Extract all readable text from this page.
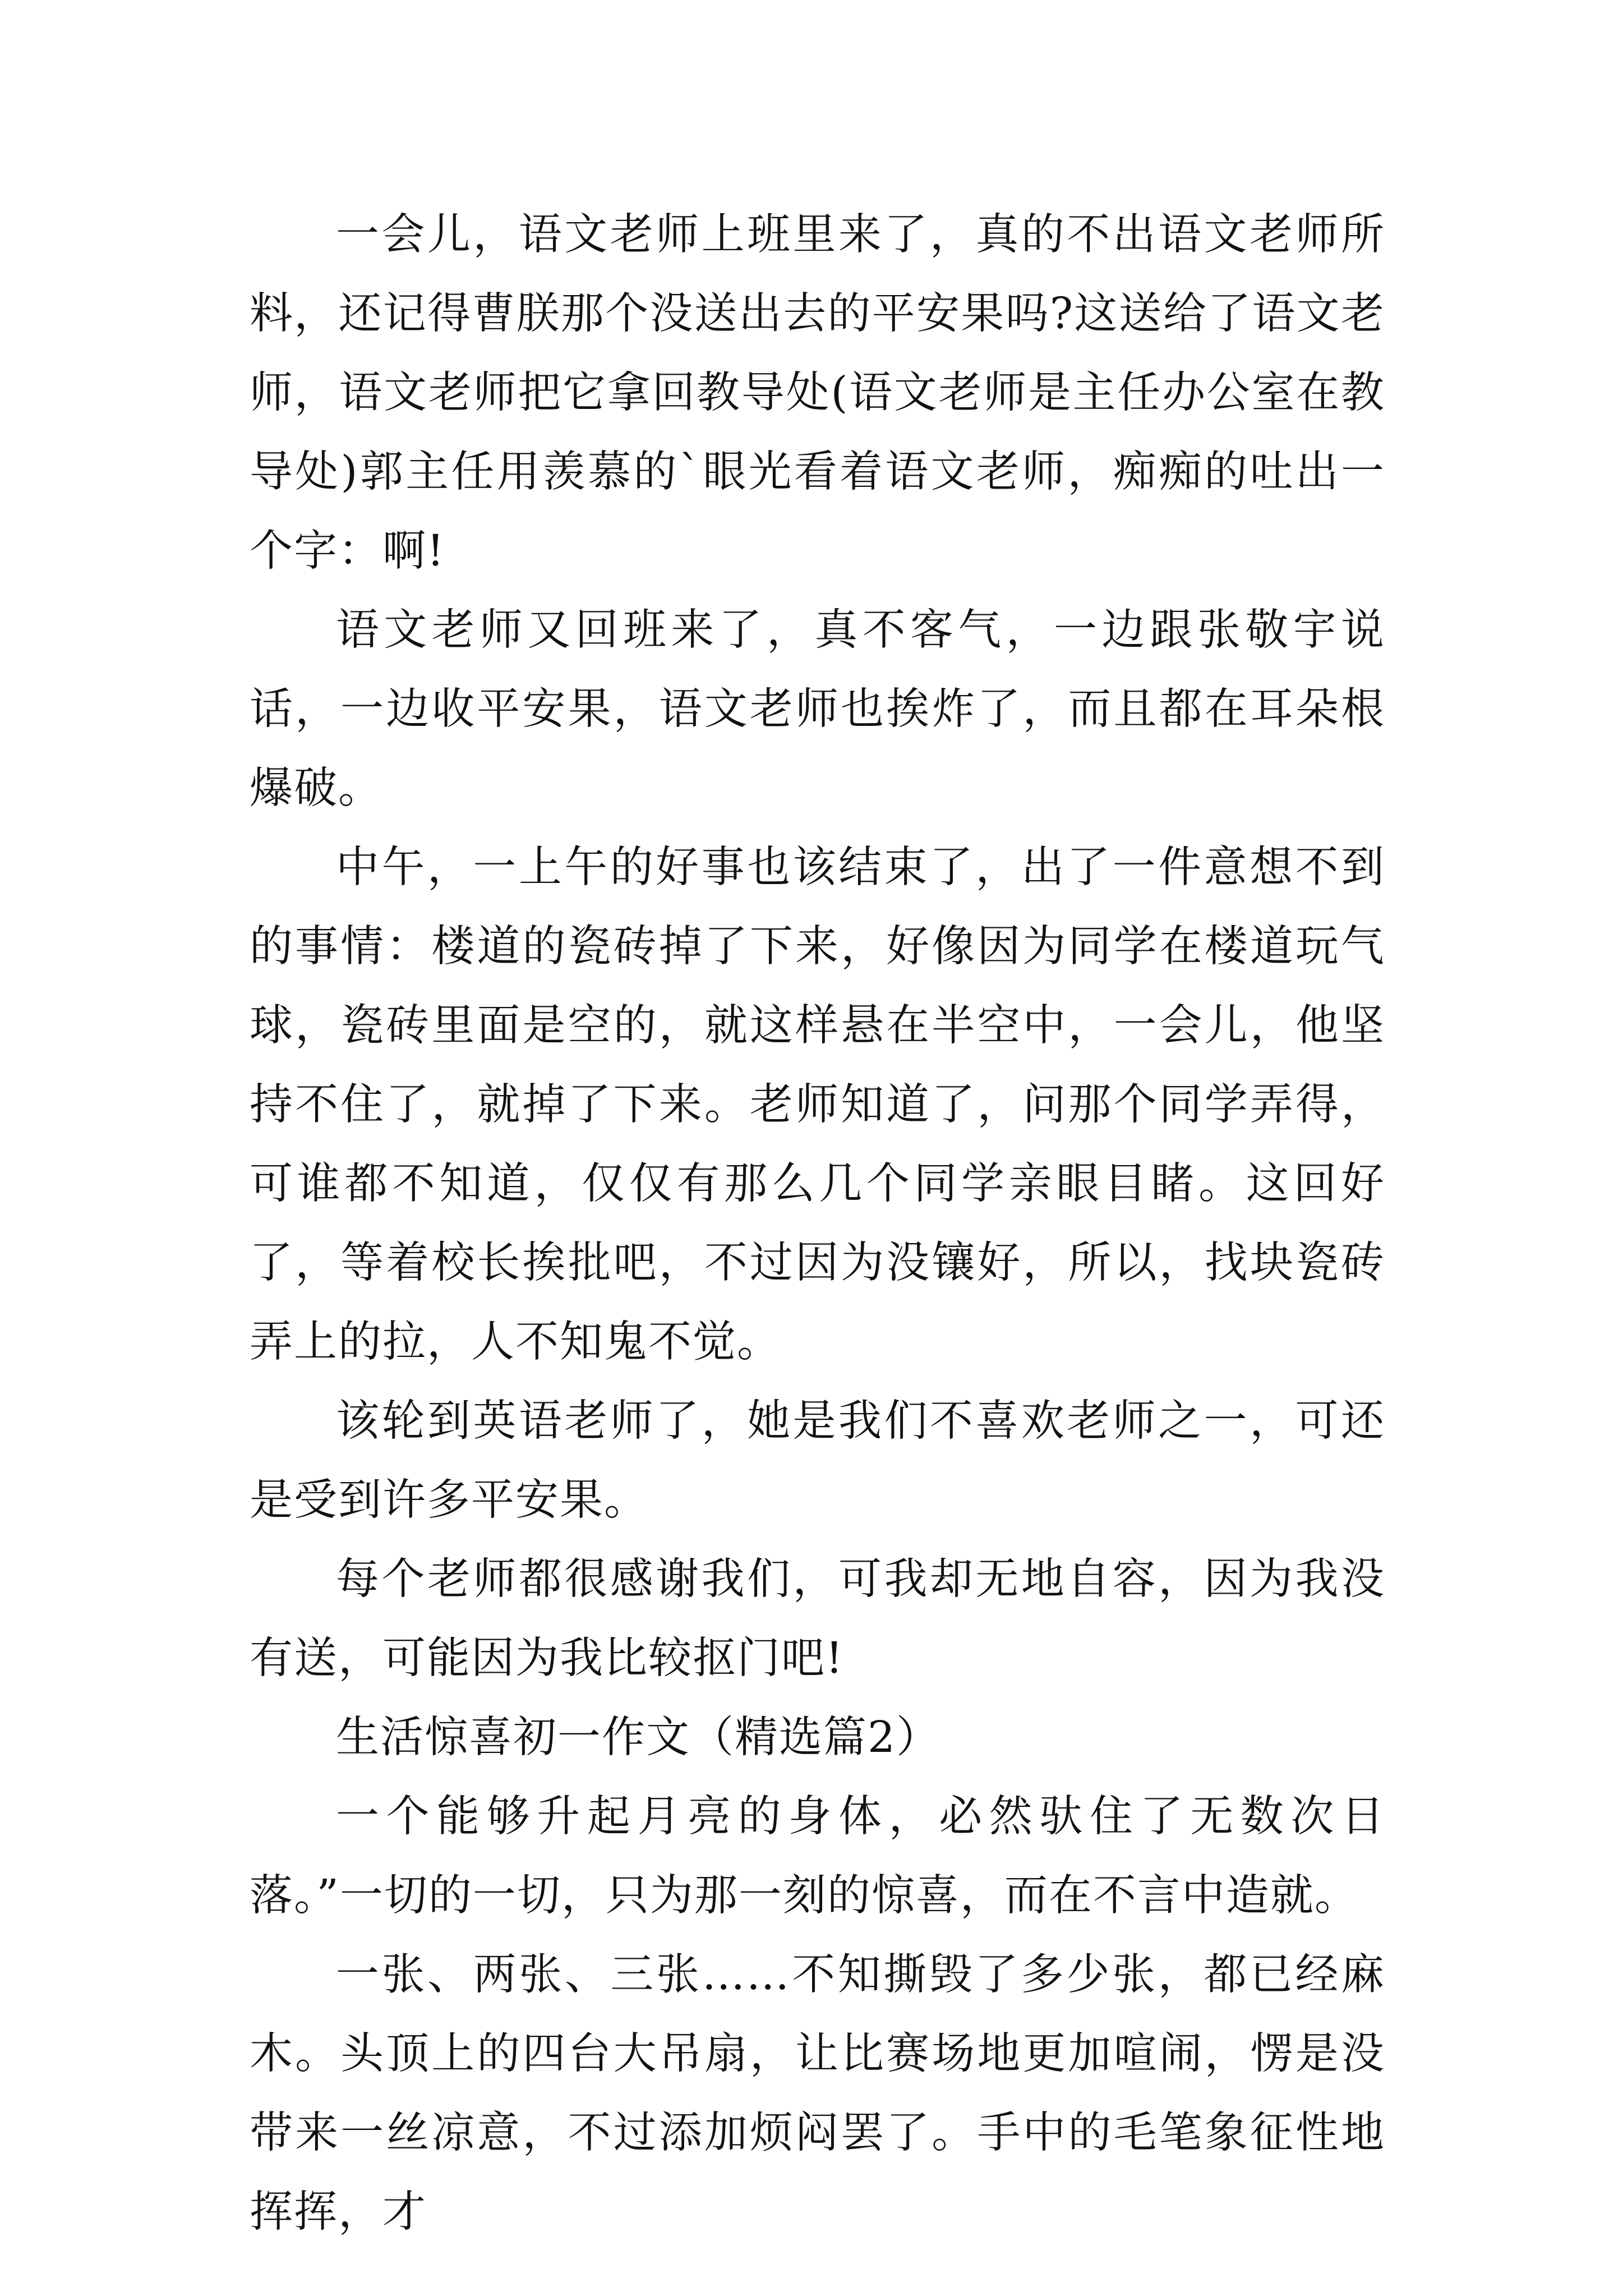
一会儿，语文老师上班里来了，真的不出语文老师所料，还记得曹朕那个没送出去的平安果吗?这送给了语文老师，语文老师把它拿回教导处(语文老师是主任办公室在教导处)郭主任用羡慕的`眼光看着语文老师，痴痴的吐出一个字：啊!

语文老师又回班来了，真不客气，一边跟张敬宇说话，一边收平安果，语文老师也挨炸了，而且都在耳朵根爆破。

中午，一上午的好事也该结束了，出了一件意想不到的事情：楼道的瓷砖掉了下来，好像因为同学在楼道玩气球，瓷砖里面是空的，就这样悬在半空中，一会儿，他坚持不住了，就掉了下来。老师知道了，问那个同学弄得，可谁都不知道，仅仅有那么几个同学亲眼目睹。这回好了，等着校长挨批吧，不过因为没镶好，所以，找块瓷砖弄上的拉，人不知鬼不觉。

该轮到英语老师了，她是我们不喜欢老师之一，可还是受到许多平安果。

每个老师都很感谢我们，可我却无地自容，因为我没有送，可能因为我比较抠门吧!

生活惊喜初一作文（精选篇2）

一个能够升起月亮的身体，必然驮住了无数次日落。”一切的一切，只为那一刻的惊喜，而在不言中造就。

一张、两张、三张……不知撕毁了多少张，都已经麻木。头顶上的四台大吊扇，让比赛场地更加喧闹，愣是没带来一丝凉意，不过添加烦闷罢了。手中的毛笔象征性地挥挥，才
